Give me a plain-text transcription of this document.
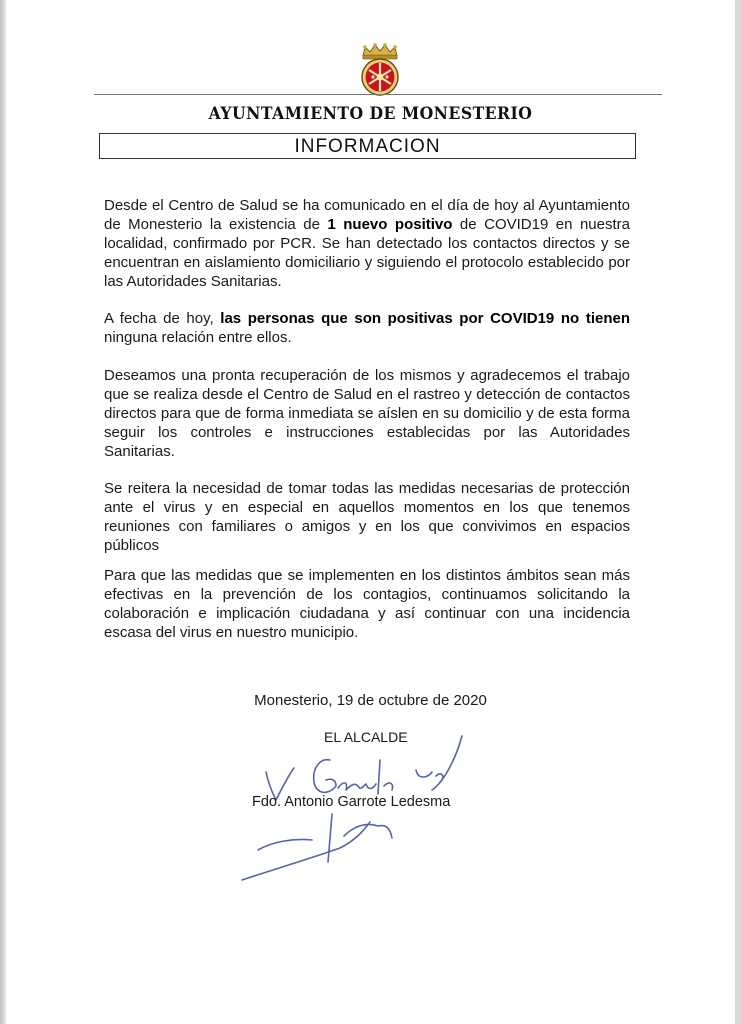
AYUNTAMIENTO DE MONESTERIO
INFORMACION

Desde el Centro de Salud se ha comunicado en el día de hoy al Ayuntamiento de Monesterio la existencia de 1 nuevo positivo de COVID19 en nuestra localidad, confirmado por PCR. Se han detectado los contactos directos y se encuentran en aislamiento domiciliario y siguiendo el protocolo establecido por las Autoridades Sanitarias.

A fecha de hoy, las personas que son positivas por COVID19 no tienen ninguna relación entre ellos.

Deseamos una pronta recuperación de los mismos y agradecemos el trabajo que se realiza desde el Centro de Salud en el rastreo y detección de contactos directos para que de forma inmediata se aíslen en su domicilio y de esta forma seguir los controles e instrucciones establecidas por las Autoridades Sanitarias.

Se reitera la necesidad de tomar todas las medidas necesarias de protección ante el virus y en especial en aquellos momentos en los que tenemos reuniones con familiares o amigos y en los que convivimos en espacios públicos

Para que las medidas que se implementen en los distintos ámbitos sean más efectivas en la prevención de los contagios, continuamos solicitando la colaboración e implicación ciudadana y así continuar con una incidencia escasa del virus en nuestro municipio.

Monesterio, 19 de octubre de 2020
EL ALCALDE
Fdo. Antonio Garrote Ledesma
